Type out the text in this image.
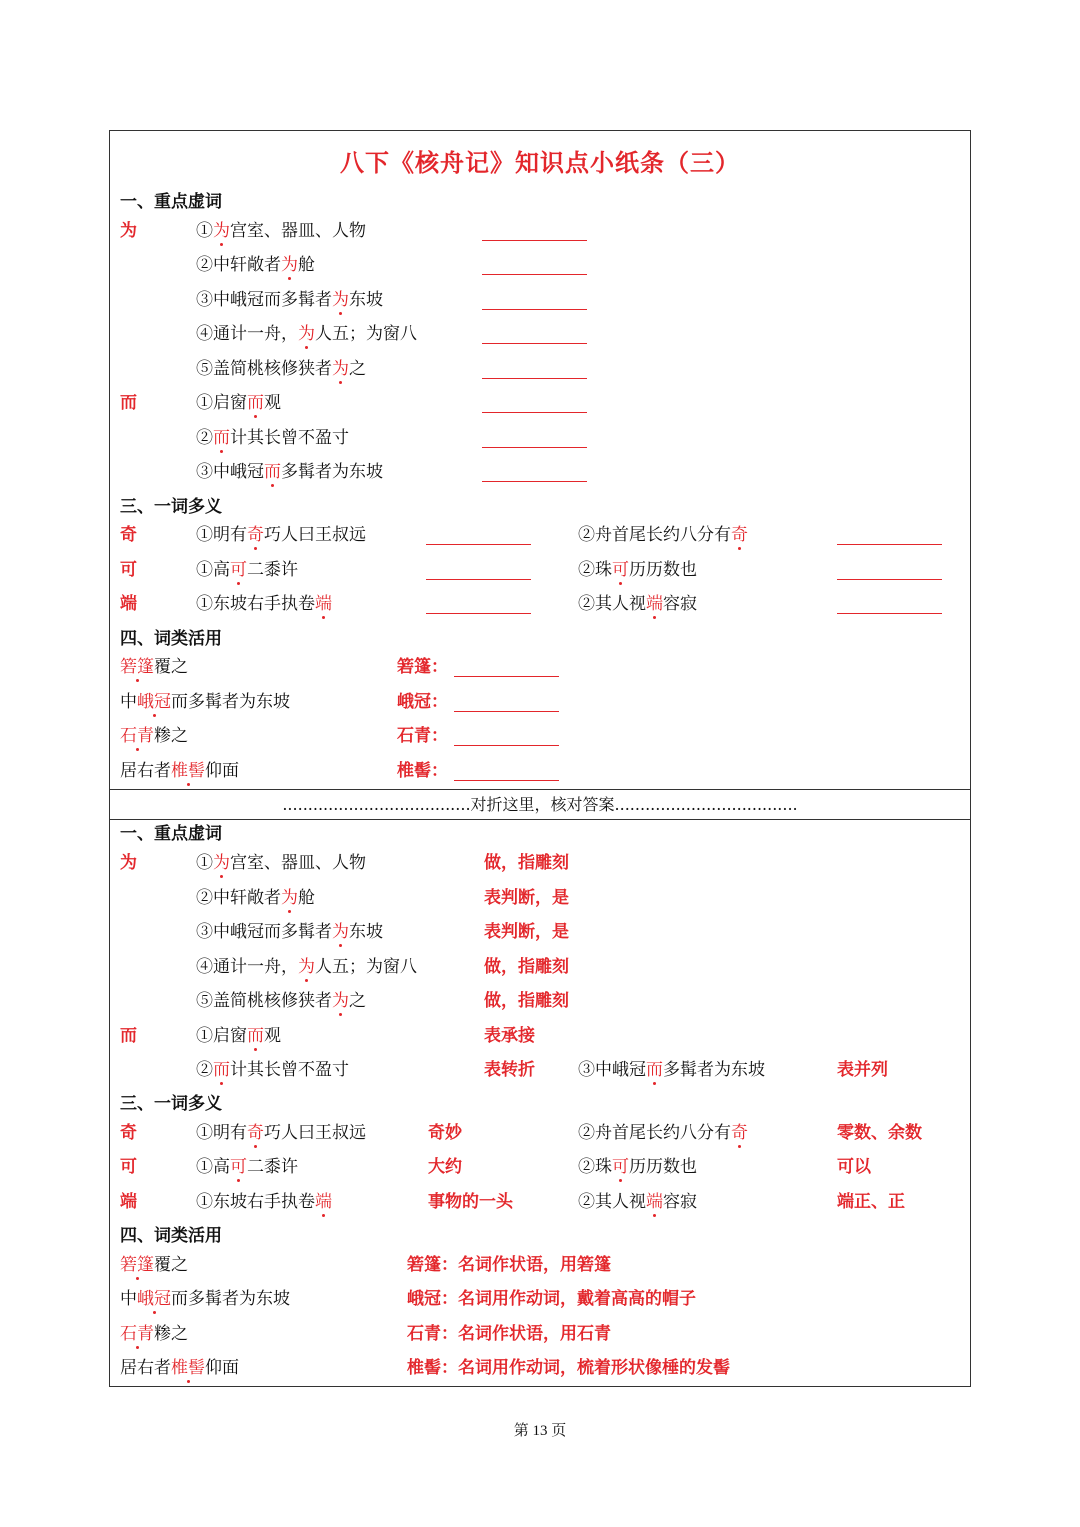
八下《核舟记》知识点小纸条（三）
一、重点虚词
为	①为宫室、器皿、人物
②中轩敞者为舱
③中峨冠而多髯者为东坡
④通计一舟，为人五；为窗八
⑤盖简桃核修狭者为之
而	①启窗而观
②而计其长曾不盈寸
③中峨冠而多髯者为东坡
三、一词多义
奇	①明有奇巧人曰王叔远	②舟首尾长约八分有奇
可	①高可二黍许	②珠可历历数也
端	①东坡右手执卷端	②其人视端容寂
四、词类活用
箬篷覆之	箬篷：
中峨冠而多髯者为东坡	峨冠：
石青糁之	石青：
居右者椎髻仰面	椎髻：
.....................................对折这里，核对答案....................................
一、重点虚词
为	①为宫室、器皿、人物	做，指雕刻
②中轩敞者为舱	表判断，是
③中峨冠而多髯者为东坡	表判断，是
④通计一舟，为人五；为窗八	做，指雕刻
⑤盖简桃核修狭者为之	做，指雕刻
而	①启窗而观	表承接
②而计其长曾不盈寸	表转折	③中峨冠而多髯者为东坡	表并列
三、一词多义
奇	①明有奇巧人曰王叔远	奇妙	②舟首尾长约八分有奇	零数、余数
可	①高可二黍许	大约	②珠可历历数也	可以
端	①东坡右手执卷端	事物的一头	②其人视端容寂	端正、正
四、词类活用
箬篷覆之	箬篷：名词作状语，用箬篷
中峨冠而多髯者为东坡	峨冠：名词用作动词，戴着高高的帽子
石青糁之	石青：名词作状语，用石青
居右者椎髻仰面	椎髻：名词用作动词，梳着形状像棰的发髻
第 13 页
